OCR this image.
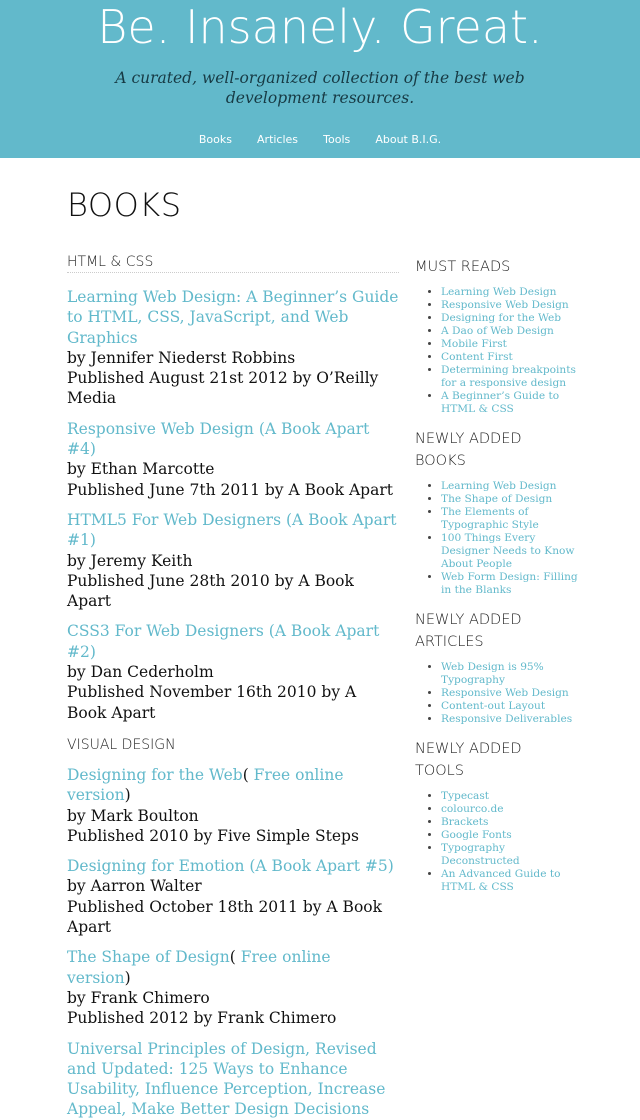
Be. Insanely. Great.

A curated, well-organized collection of the best web development resources.

Books Articles Tools About B.I.G.
BOOKS
HTML & CSS

Learning Web Design: A Beginner’s Guide to HTML, CSS, JavaScript, and Web Graphics
by Jennifer Niederst Robbins
Published August 21st 2012 by O’Reilly Media

Responsive Web Design (A Book Apart #4)
by Ethan Marcotte
Published June 7th 2011 by A Book Apart

HTML5 For Web Designers (A Book Apart #1)
by Jeremy Keith
Published June 28th 2010 by A Book Apart

CSS3 For Web Designers (A Book Apart #2)
by Dan Cederholm
Published November 16th 2010 by A Book Apart

VISUAL DESIGN

Designing for the Web( Free online version)
by Mark Boulton
Published 2010 by Five Simple Steps

Designing for Emotion (A Book Apart #5)
by Aarron Walter
Published October 18th 2011 by A Book Apart

The Shape of Design( Free online version)
by Frank Chimero
Published 2012 by Frank Chimero

Universal Principles of Design, Revised and Updated: 125 Ways to Enhance Usability, Influence Perception, Increase Appeal, Make Better Design Decisions

MUST READS
• Learning Web Design
• Responsive Web Design
• Designing for the Web
• A Dao of Web Design
• Mobile First
• Content First
• Determining breakpoints for a responsive design
• A Beginner’s Guide to HTML & CSS
NEWLY ADDED BOOKS
• Learning Web Design
• The Shape of Design
• The Elements of Typographic Style
• 100 Things Every Designer Needs to Know About People
• Web Form Design: Filling in the Blanks
NEWLY ADDED ARTICLES
• Web Design is 95% Typography
• Responsive Web Design
• Content-out Layout
• Responsive Deliverables
NEWLY ADDED TOOLS
• Typecast
• colourco.de
• Brackets
• Google Fonts
• Typography Deconstructed
• An Advanced Guide to HTML & CSS
